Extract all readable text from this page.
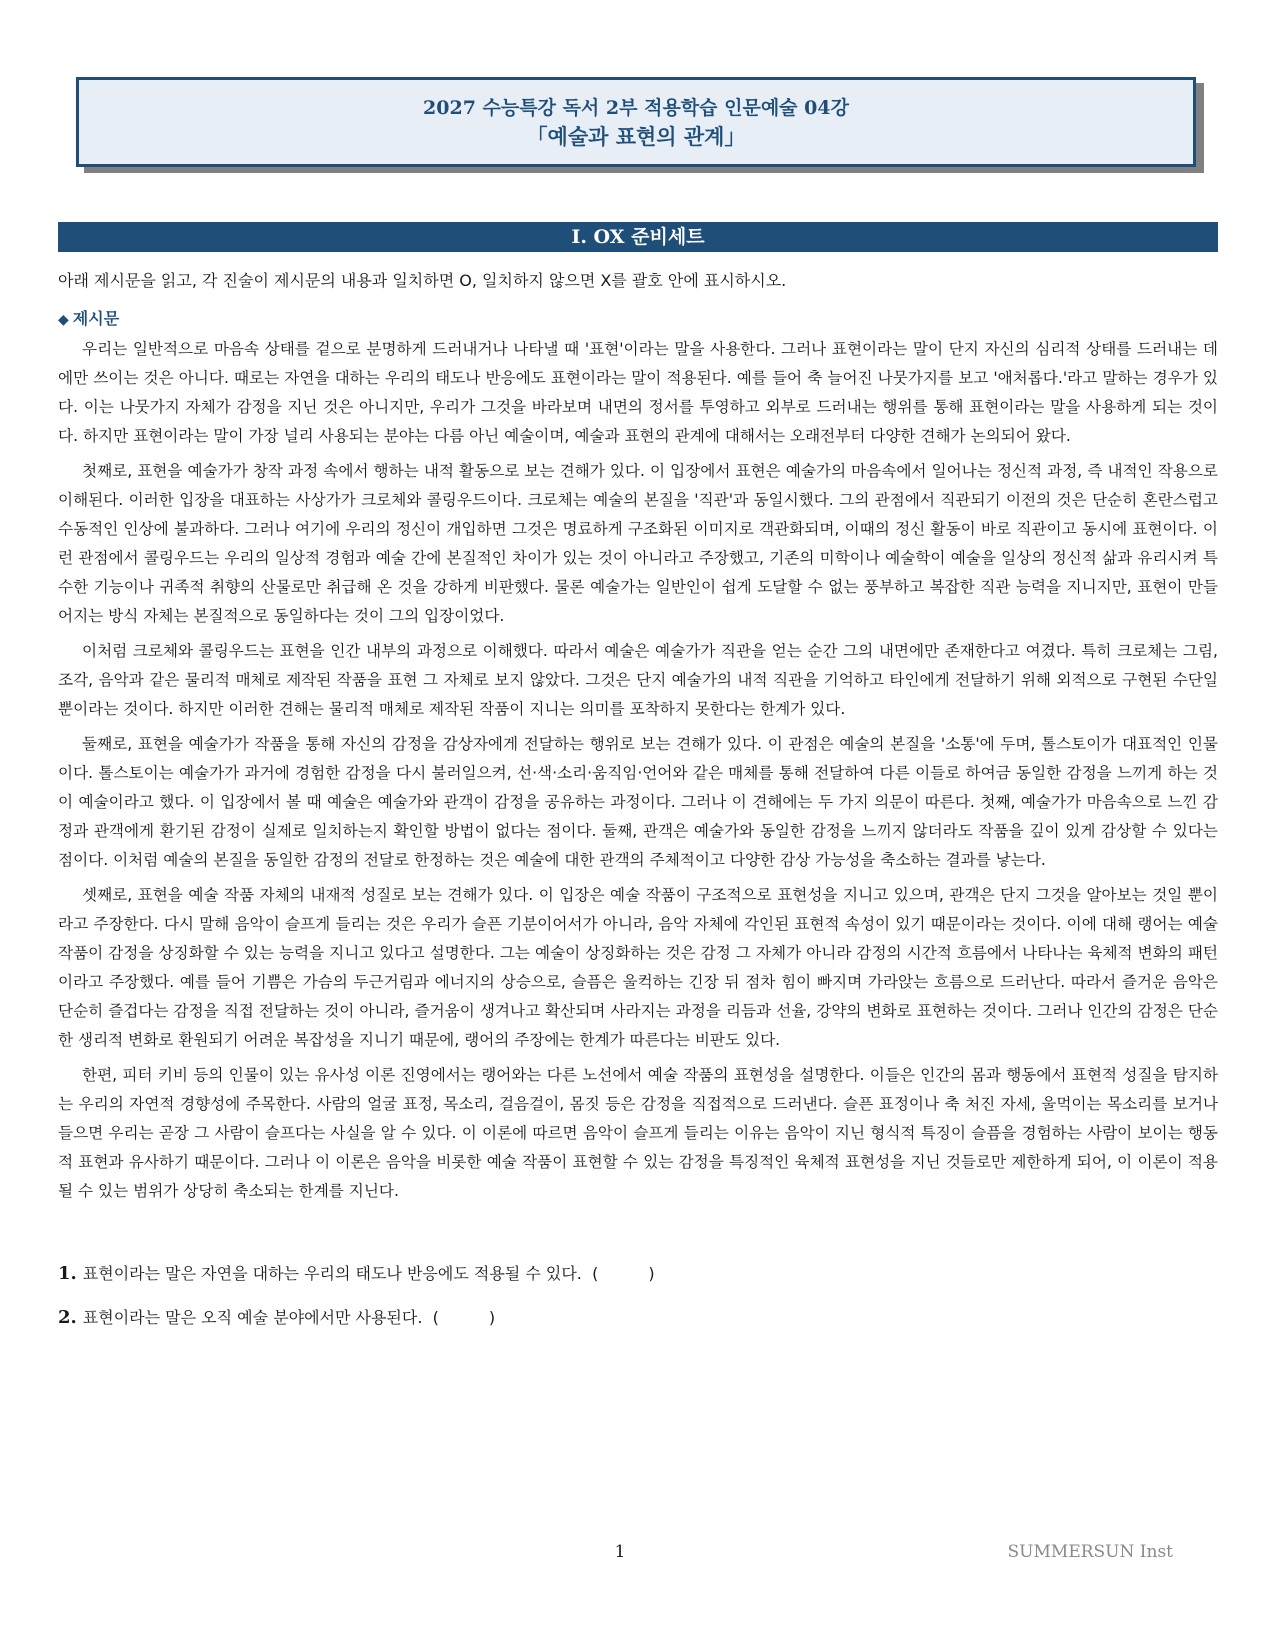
2027 수능특강 독서 2부 적용학습 인문예술 04강
「예술과 표현의 관계」
I. OX 준비세트

아래 제시문을 읽고, 각 진술이 제시문의 내용과 일치하면 O, 일치하지 않으면 X를 괄호 안에 표시하시오.

◆ 제시문

우리는 일반적으로 마음속 상태를 겉으로 분명하게 드러내거나 나타낼 때 '표현'이라는 말을 사용한다. 그러나 표현이라는 말이 단지 자신의 심리적 상태를 드러내는 데에만 쓰이는 것은 아니다. 때로는 자연을 대하는 우리의 태도나 반응에도 표현이라는 말이 적용된다. 예를 들어 축 늘어진 나뭇가지를 보고 '애처롭다.'라고 말하는 경우가 있다. 이는 나뭇가지 자체가 감정을 지닌 것은 아니지만, 우리가 그것을 바라보며 내면의 정서를 투영하고 외부로 드러내는 행위를 통해 표현이라는 말을 사용하게 되는 것이다. 하지만 표현이라는 말이 가장 널리 사용되는 분야는 다름 아닌 예술이며, 예술과 표현의 관계에 대해서는 오래전부터 다양한 견해가 논의되어 왔다.

첫째로, 표현을 예술가가 창작 과정 속에서 행하는 내적 활동으로 보는 견해가 있다. 이 입장에서 표현은 예술가의 마음속에서 일어나는 정신적 과정, 즉 내적인 작용으로 이해된다. 이러한 입장을 대표하는 사상가가 크로체와 콜링우드이다. 크로체는 예술의 본질을 '직관'과 동일시했다. 그의 관점에서 직관되기 이전의 것은 단순히 혼란스럽고 수동적인 인상에 불과하다. 그러나 여기에 우리의 정신이 개입하면 그것은 명료하게 구조화된 이미지로 객관화되며, 이때의 정신 활동이 바로 직관이고 동시에 표현이다. 이런 관점에서 콜링우드는 우리의 일상적 경험과 예술 간에 본질적인 차이가 있는 것이 아니라고 주장했고, 기존의 미학이나 예술학이 예술을 일상의 정신적 삶과 유리시켜 특수한 기능이나 귀족적 취향의 산물로만 취급해 온 것을 강하게 비판했다. 물론 예술가는 일반인이 쉽게 도달할 수 없는 풍부하고 복잡한 직관 능력을 지니지만, 표현이 만들어지는 방식 자체는 본질적으로 동일하다는 것이 그의 입장이었다.

이처럼 크로체와 콜링우드는 표현을 인간 내부의 과정으로 이해했다. 따라서 예술은 예술가가 직관을 얻는 순간 그의 내면에만 존재한다고 여겼다. 특히 크로체는 그림, 조각, 음악과 같은 물리적 매체로 제작된 작품을 표현 그 자체로 보지 않았다. 그것은 단지 예술가의 내적 직관을 기억하고 타인에게 전달하기 위해 외적으로 구현된 수단일 뿐이라는 것이다. 하지만 이러한 견해는 물리적 매체로 제작된 작품이 지니는 의미를 포착하지 못한다는 한계가 있다.

둘째로, 표현을 예술가가 작품을 통해 자신의 감정을 감상자에게 전달하는 행위로 보는 견해가 있다. 이 관점은 예술의 본질을 '소통'에 두며, 톨스토이가 대표적인 인물이다. 톨스토이는 예술가가 과거에 경험한 감정을 다시 불러일으켜, 선·색·소리·움직임·언어와 같은 매체를 통해 전달하여 다른 이들로 하여금 동일한 감정을 느끼게 하는 것이 예술이라고 했다. 이 입장에서 볼 때 예술은 예술가와 관객이 감정을 공유하는 과정이다. 그러나 이 견해에는 두 가지 의문이 따른다. 첫째, 예술가가 마음속으로 느낀 감정과 관객에게 환기된 감정이 실제로 일치하는지 확인할 방법이 없다는 점이다. 둘째, 관객은 예술가와 동일한 감정을 느끼지 않더라도 작품을 깊이 있게 감상할 수 있다는 점이다. 이처럼 예술의 본질을 동일한 감정의 전달로 한정하는 것은 예술에 대한 관객의 주체적이고 다양한 감상 가능성을 축소하는 결과를 낳는다.

셋째로, 표현을 예술 작품 자체의 내재적 성질로 보는 견해가 있다. 이 입장은 예술 작품이 구조적으로 표현성을 지니고 있으며, 관객은 단지 그것을 알아보는 것일 뿐이라고 주장한다. 다시 말해 음악이 슬프게 들리는 것은 우리가 슬픈 기분이어서가 아니라, 음악 자체에 각인된 표현적 속성이 있기 때문이라는 것이다. 이에 대해 랭어는 예술 작품이 감정을 상징화할 수 있는 능력을 지니고 있다고 설명한다. 그는 예술이 상징화하는 것은 감정 그 자체가 아니라 감정의 시간적 흐름에서 나타나는 육체적 변화의 패턴이라고 주장했다. 예를 들어 기쁨은 가슴의 두근거림과 에너지의 상승으로, 슬픔은 울컥하는 긴장 뒤 점차 힘이 빠지며 가라앉는 흐름으로 드러난다. 따라서 즐거운 음악은 단순히 즐겁다는 감정을 직접 전달하는 것이 아니라, 즐거움이 생겨나고 확산되며 사라지는 과정을 리듬과 선율, 강약의 변화로 표현하는 것이다. 그러나 인간의 감정은 단순한 생리적 변화로 환원되기 어려운 복잡성을 지니기 때문에, 랭어의 주장에는 한계가 따른다는 비판도 있다.

한편, 피터 키비 등의 인물이 있는 유사성 이론 진영에서는 랭어와는 다른 노선에서 예술 작품의 표현성을 설명한다. 이들은 인간의 몸과 행동에서 표현적 성질을 탐지하는 우리의 자연적 경향성에 주목한다. 사람의 얼굴 표정, 목소리, 걸음걸이, 몸짓 등은 감정을 직접적으로 드러낸다. 슬픈 표정이나 축 처진 자세, 울먹이는 목소리를 보거나 들으면 우리는 곧장 그 사람이 슬프다는 사실을 알 수 있다. 이 이론에 따르면 음악이 슬프게 들리는 이유는 음악이 지닌 형식적 특징이 슬픔을 경험하는 사람이 보이는 행동적 표현과 유사하기 때문이다. 그러나 이 이론은 음악을 비롯한 예술 작품이 표현할 수 있는 감정을 특징적인 육체적 표현성을 지닌 것들로만 제한하게 되어, 이 이론이 적용될 수 있는 범위가 상당히 축소되는 한계를 지닌다.

1. 표현이라는 말은 자연을 대하는 우리의 태도나 반응에도 적용될 수 있다. (	)
2. 표현이라는 말은 오직 예술 분야에서만 사용된다. (	)
1	SUMMERSUN Inst
